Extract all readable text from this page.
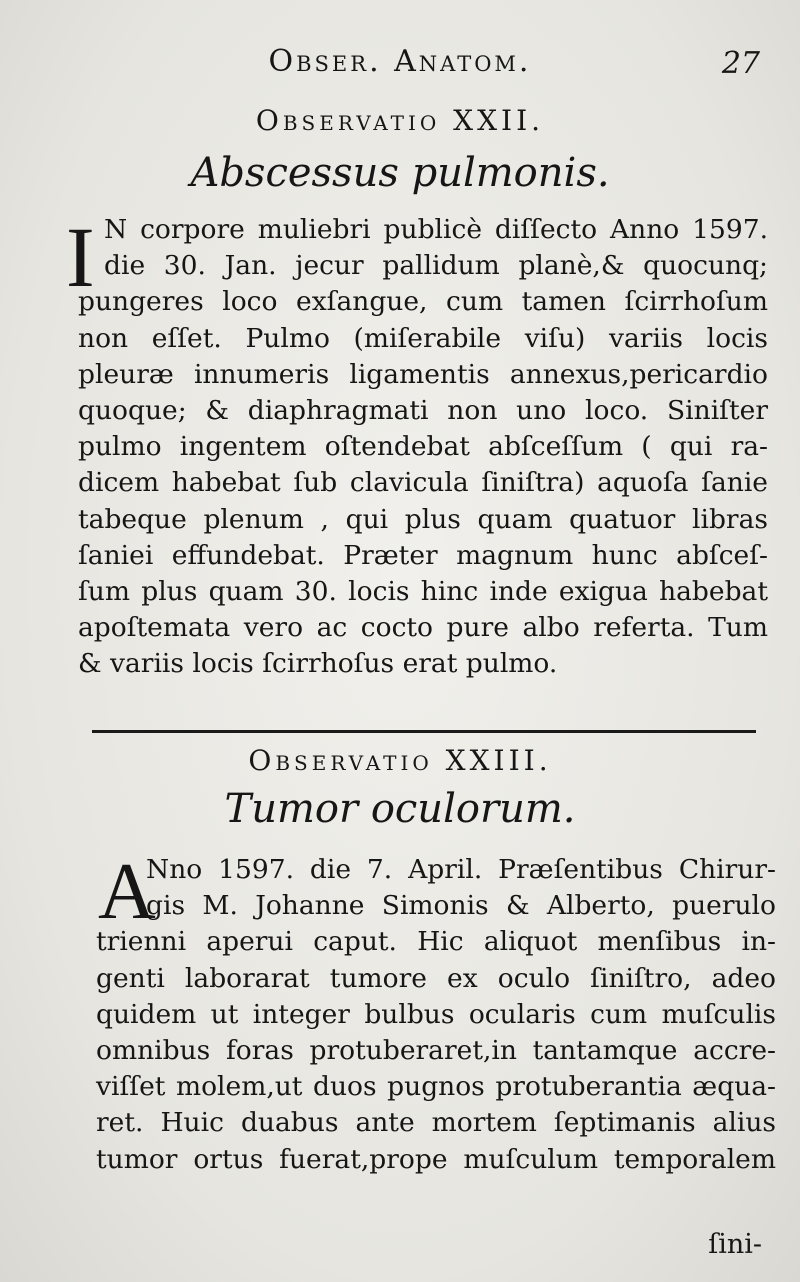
Obser. Anatom.	27
Observatio XXII.
Abscessus pulmonis.
I N corpore muliebri publicè diſſecto Anno 1597.
die 30. Jan. jecur pallidum planè,& quocunq;
pungeres loco exſangue, cum tamen ſcirrhoſum
non eſſet. Pulmo (miſerabile viſu) variis locis
pleuræ innumeris ligamentis annexus,pericardio
quoque; & diaphragmati non uno loco. Siniſter
pulmo ingentem oſtendebat abſceſſum ( qui ra-
dicem habebat ſub clavicula ſiniſtra) aquoſa ſanie
tabeque plenum , qui plus quam quatuor libras
ſaniei effundebat. Præter magnum hunc abſceſ-
ſum plus quam 30. locis hinc inde exigua habebat
apoſtemata vero ac cocto pure albo referta. Tum
& variis locis ſcirrhoſus erat pulmo.
Observatio XXIII.
Tumor oculorum.
A
Nno 1597. die 7. April. Præſentibus Chirur-
gis M. Johanne Simonis & Alberto, puerulo
trienni aperui caput. Hic aliquot menſibus in-
genti laborarat tumore ex oculo ſiniſtro, adeo
quidem ut integer bulbus ocularis cum muſculis
omnibus foras protuberaret,in tantamque accre-
viſſet molem,ut duos pugnos protuberantia æqua-
ret. Huic duabus ante mortem ſeptimanis alius
tumor ortus fuerat,prope muſculum temporalem
ſini-
